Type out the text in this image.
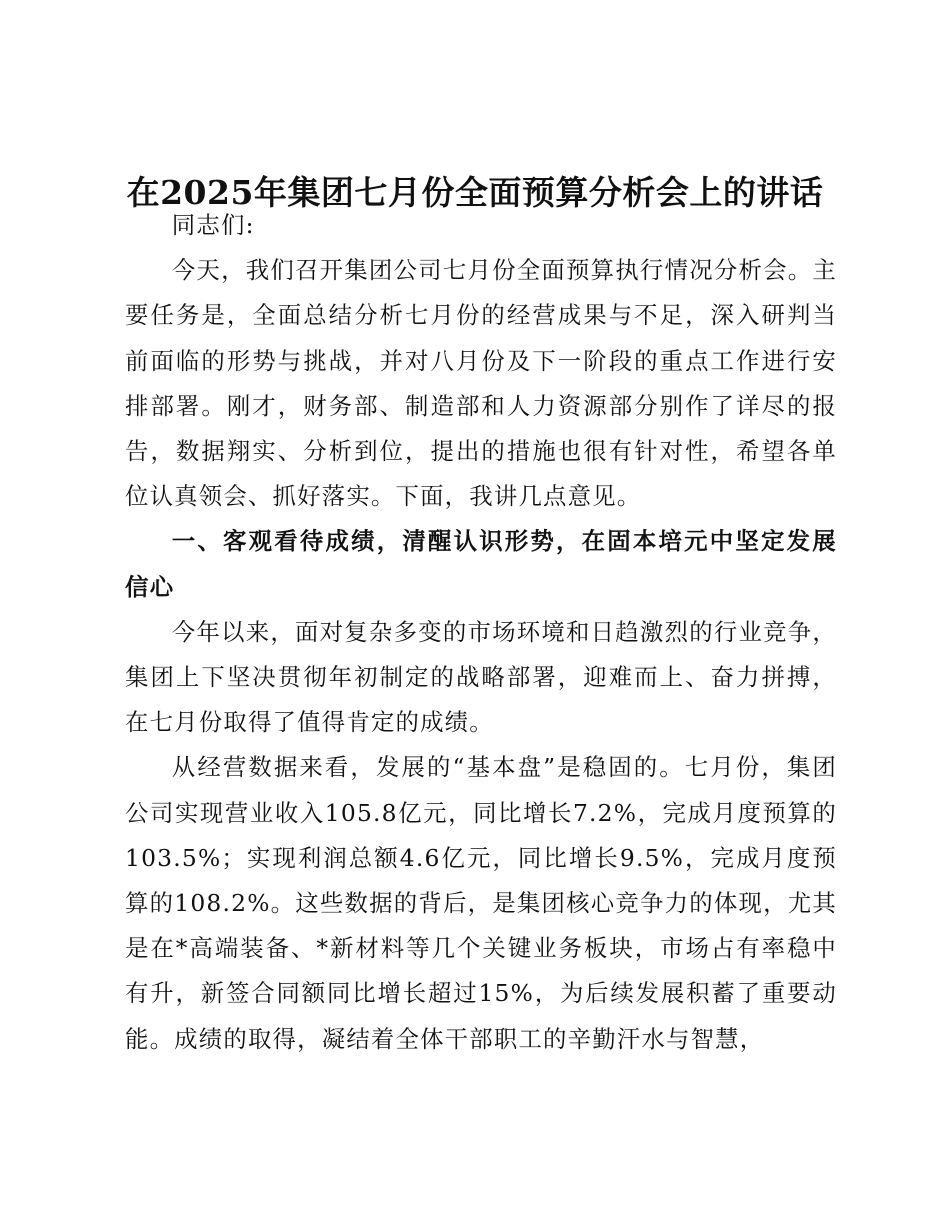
在2025年集团七月份全面预算分析会上的讲话

同志们:

今天，我们召开集团公司七月份全面预算执行情况分析会。主要任务是，全面总结分析七月份的经营成果与不足，深入研判当前面临的形势与挑战，并对八月份及下一阶段的重点工作进行安排部署。刚才，财务部、制造部和人力资源部分别作了详尽的报告，数据翔实、分析到位，提出的措施也很有针对性，希望各单位认真领会、抓好落实。下面，我讲几点意见。

一、客观看待成绩，清醒认识形势，在固本培元中坚定发展信心

今年以来，面对复杂多变的市场环境和日趋激烈的行业竞争，集团上下坚决贯彻年初制定的战略部署，迎难而上、奋力拼搏，在七月份取得了值得肯定的成绩。

从经营数据来看，发展的“基本盘”是稳固的。七月份，集团公司实现营业收入105.8亿元，同比增长7.2%，完成月度预算的103.5%；实现利润总额4.6亿元，同比增长9.5%，完成月度预算的108.2%。这些数据的背后，是集团核心竞争力的体现，尤其是在*高端装备、*新材料等几个关键业务板块，市场占有率稳中有升，新签合同额同比增长超过15%，为后续发展积蓄了重要动能。成绩的取得，凝结着全体干部职工的辛勤汗水与智慧，
